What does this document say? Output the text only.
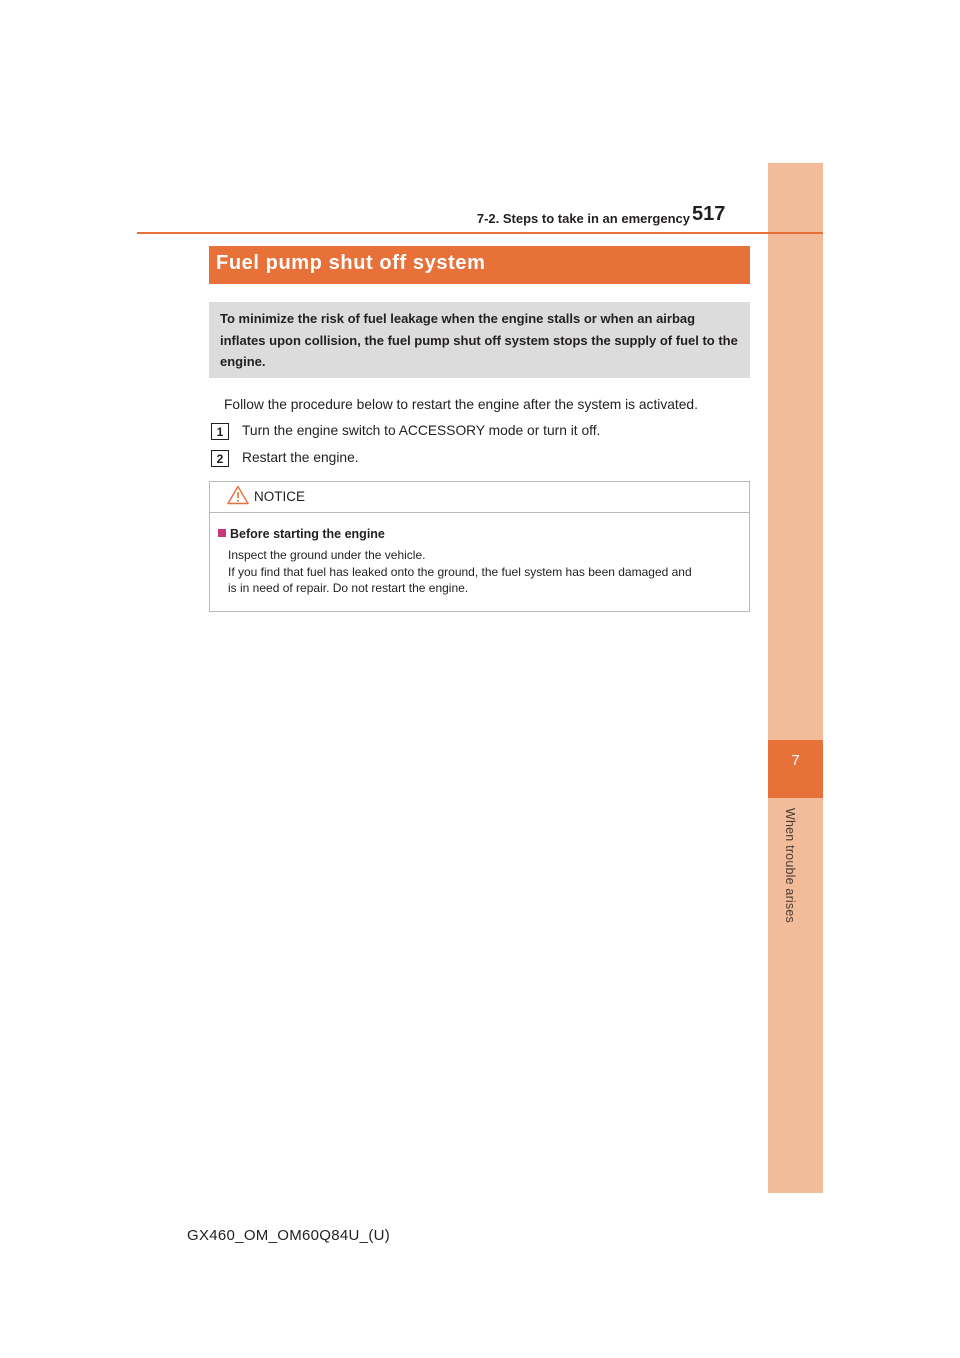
7
When trouble arises
7-2. Steps to take in an emergency 517
Fuel pump shut off system
To minimize the risk of fuel leakage when the engine stalls or when an airbag inflates upon collision, the fuel pump shut off system stops the supply of fuel to the engine.
Follow the procedure below to restart the engine after the system is activated.
1	Turn the engine switch to ACCESSORY mode or turn it off.
2	Restart the engine.
NOTICE
Before starting the engine
Inspect the ground under the vehicle.
If you find that fuel has leaked onto the ground, the fuel system has been damaged and
is in need of repair. Do not restart the engine.
GX460_OM_OM60Q84U_(U)
